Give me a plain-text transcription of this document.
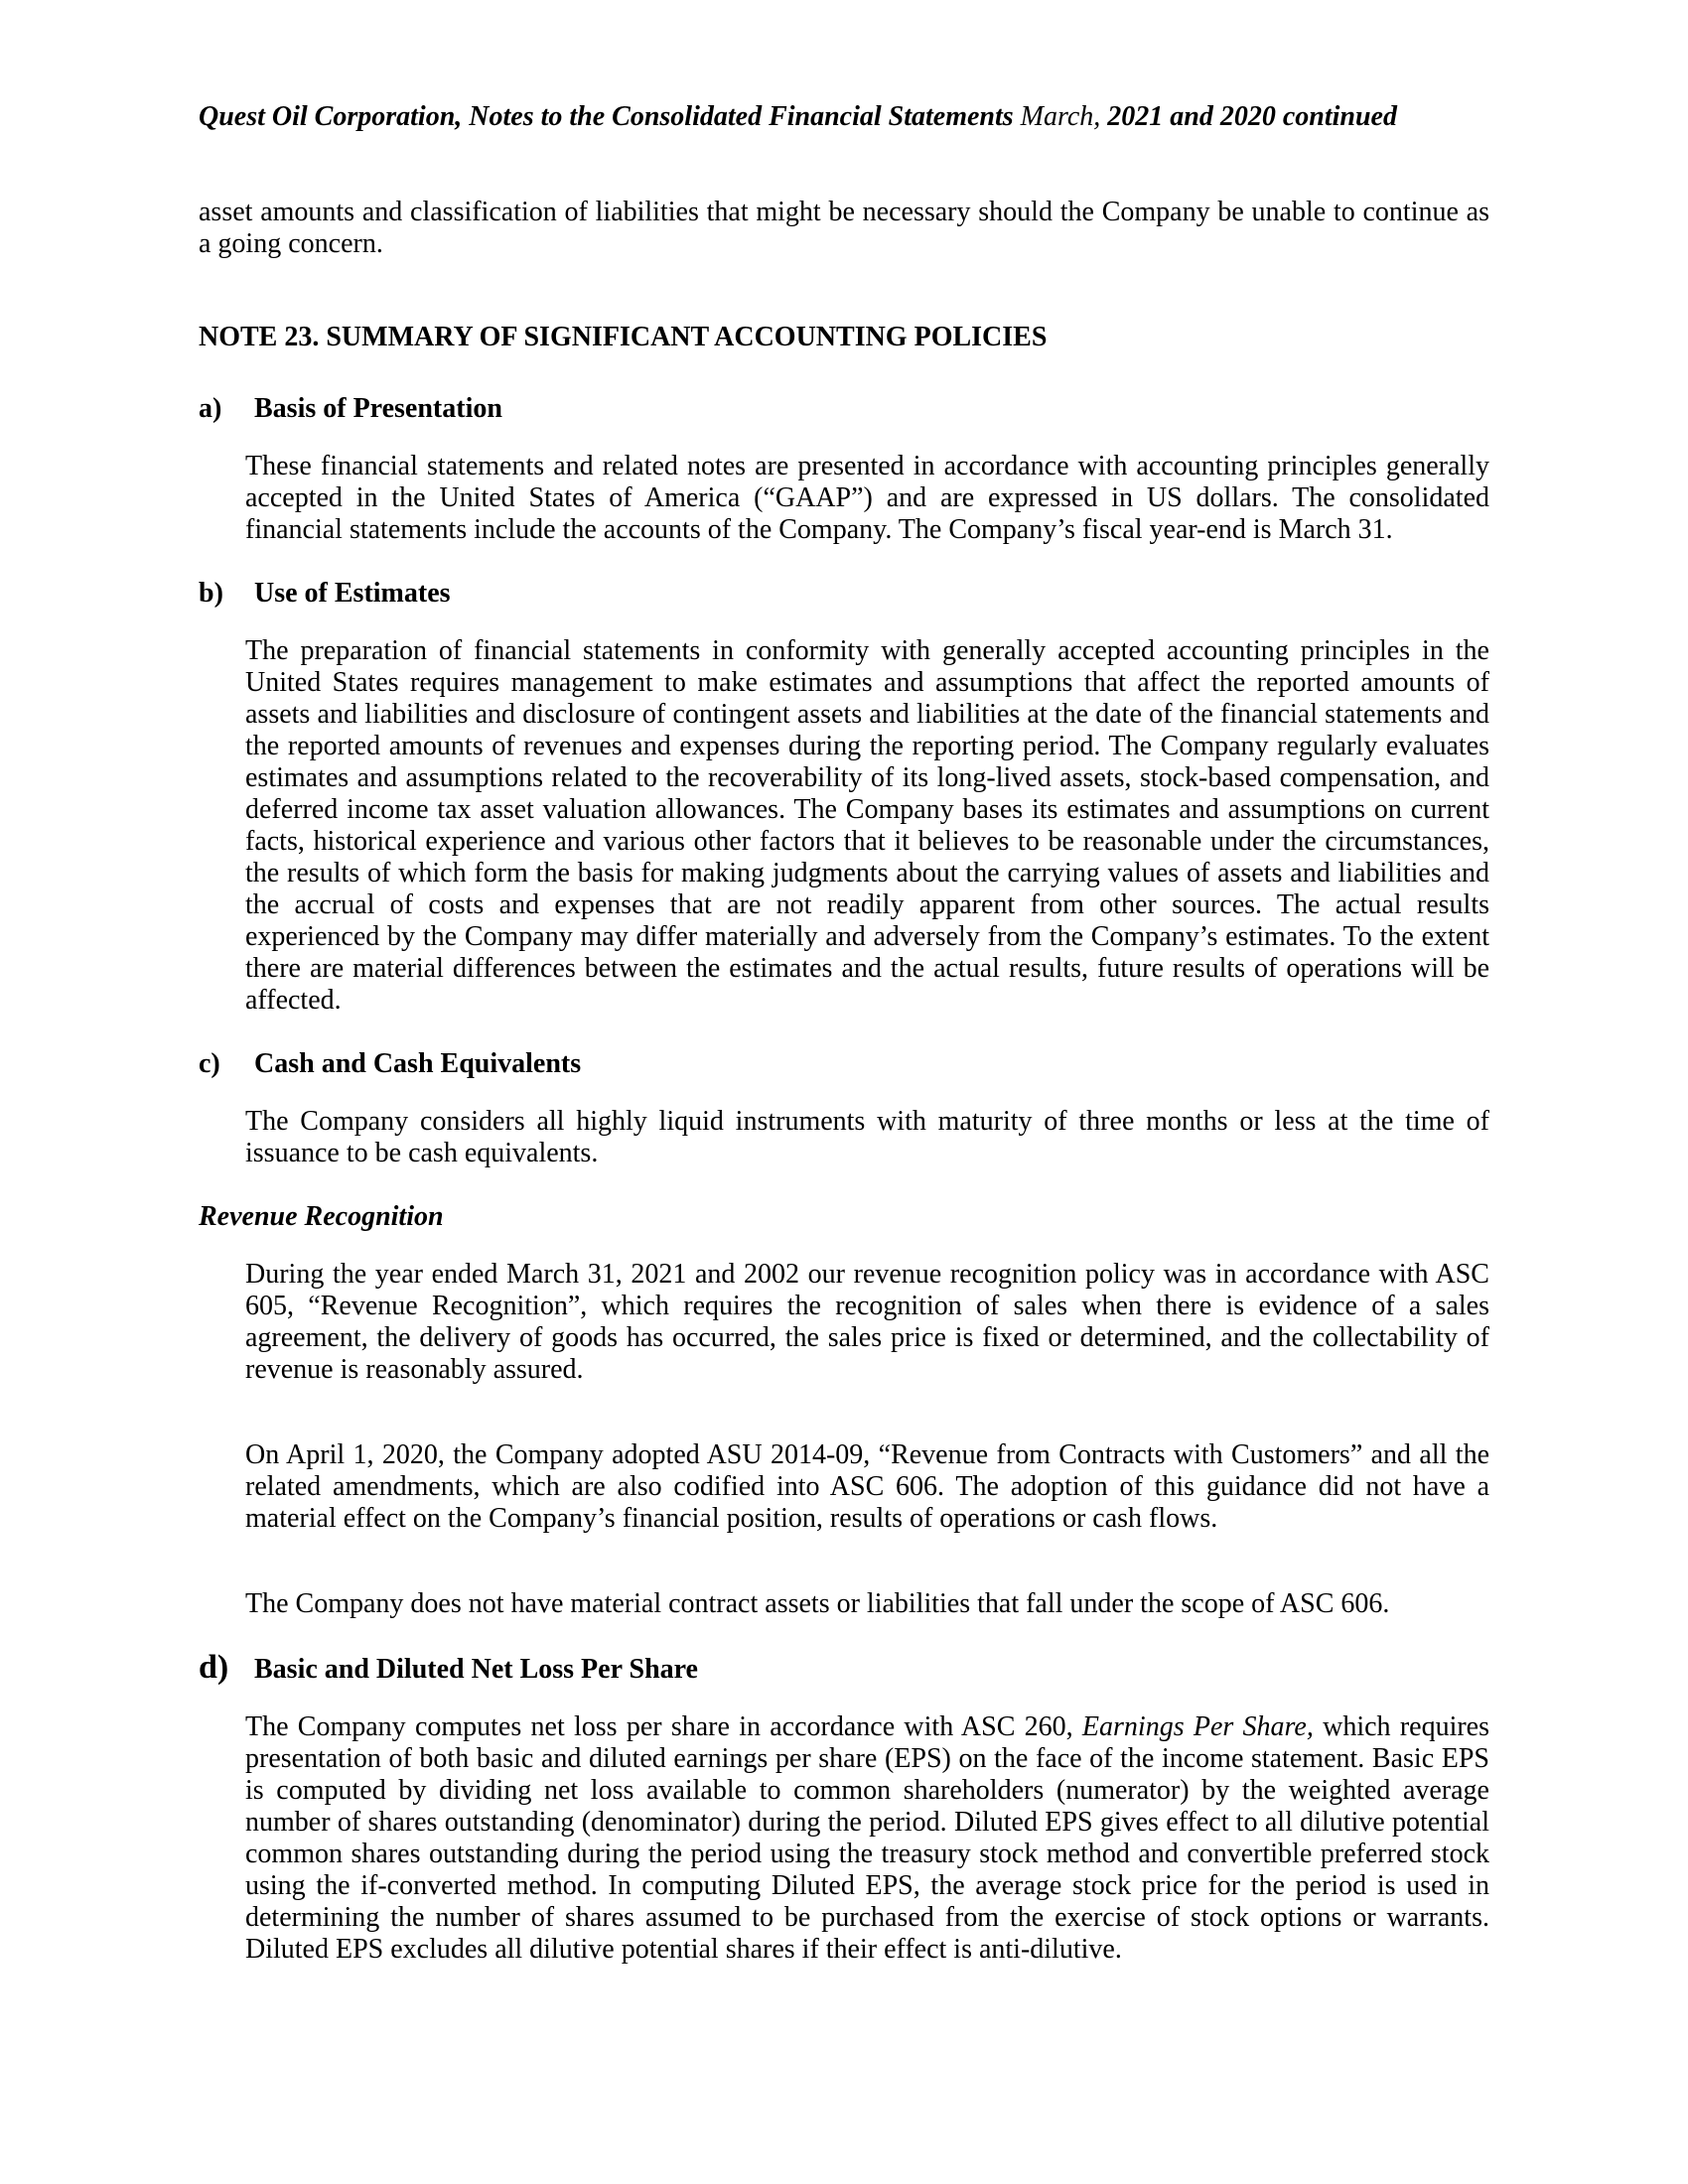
Quest Oil Corporation, Notes to the Consolidated Financial Statements March, 2021 and 2020 continued

asset amounts and classification of liabilities that might be necessary should the Company be unable to continue as a going concern.

NOTE 23. SUMMARY OF SIGNIFICANT ACCOUNTING POLICIES
a)	Basis of Presentation

These financial statements and related notes are presented in accordance with accounting principles generally accepted in the United States of America (“GAAP”) and are expressed in US dollars. The consolidated financial statements include the accounts of the Company. The Company’s fiscal year-end is March 31.

b)	Use of Estimates

The preparation of financial statements in conformity with generally accepted accounting principles in the United States requires management to make estimates and assumptions that affect the reported amounts of assets and liabilities and disclosure of contingent assets and liabilities at the date of the financial statements and the reported amounts of revenues and expenses during the reporting period. The Company regularly evaluates estimates and assumptions related to the recoverability of its long-lived assets, stock-based compensation, and deferred income tax asset valuation allowances. The Company bases its estimates and assumptions on current facts, historical experience and various other factors that it believes to be reasonable under the circumstances, the results of which form the basis for making judgments about the carrying values of assets and liabilities and the accrual of costs and expenses that are not readily apparent from other sources. The actual results experienced by the Company may differ materially and adversely from the Company’s estimates. To the extent there are material differences between the estimates and the actual results, future results of operations will be affected.

c)	Cash and Cash Equivalents

The Company considers all highly liquid instruments with maturity of three months or less at the time of issuance to be cash equivalents.

Revenue Recognition

During the year ended March 31, 2021 and 2002 our revenue recognition policy was in accordance with ASC 605, “Revenue Recognition”, which requires the recognition of sales when there is evidence of a sales agreement, the delivery of goods has occurred, the sales price is fixed or determined, and the collectability of revenue is reasonably assured.

On April 1, 2020, the Company adopted ASU 2014-09, “Revenue from Contracts with Customers” and all the related amendments, which are also codified into ASC 606. The adoption of this guidance did not have a material effect on the Company’s financial position, results of operations or cash flows.

The Company does not have material contract assets or liabilities that fall under the scope of ASC 606.

d) Basic and Diluted Net Loss Per Share

The Company computes net loss per share in accordance with ASC 260, Earnings Per Share, which requires presentation of both basic and diluted earnings per share (EPS) on the face of the income statement. Basic EPS is computed by dividing net loss available to common shareholders (numerator) by the weighted average number of shares outstanding (denominator) during the period. Diluted EPS gives effect to all dilutive potential common shares outstanding during the period using the treasury stock method and convertible preferred stock using the if-converted method. In computing Diluted EPS, the average stock price for the period is used in determining the number of shares assumed to be purchased from the exercise of stock options or warrants. Diluted EPS excludes all dilutive potential shares if their effect is anti-dilutive.
